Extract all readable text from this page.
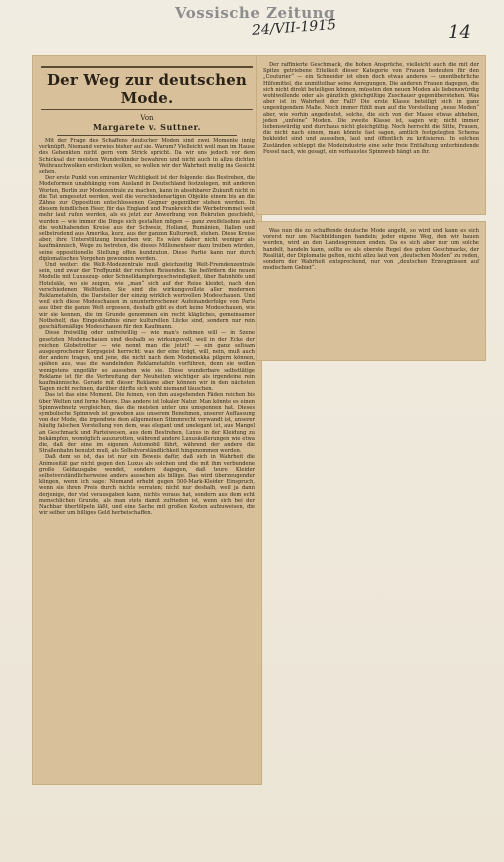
Vossische Zeitung
24/VII-1915	14
Der Weg zur deutschen Mode.
Von
Margarete v. Suttner.

Mit der Frage des Schaffens deutscher Moden sind zwei Momente innig verknüpft. Niemand verwies bisher auf sie. Warum? Vielleicht weil man im Hause des Gehenkten nicht gern vom Strick spricht. Da wir uns jedoch vor dem Schicksal der meisten Wunderkinder bewahren und nicht auch in allzu dichten Weihrauchwolken ersticken wollen, so wollen wir der Wahrheit mutig ins Gesicht sehen.

Der erste Punkt von eminenter Wichtigkeit ist der folgende: das Bestreben, die Modeformen unabhängig vom Ausland in Deutschland festzulegen, mit anderen Worten, Berlin zur Modezentrale zu machen, kann in absehbarer Zukunft nicht in die Tat umgesetzt werden, weil die verschiedenartigen Objekte einem bis an die Zähne zur Opposition entschlossenen Gegner gegenüber stehen werden. In diesem feindlichen Heer, für das England und Frankreich die Werbetrommel weit mehr laut rufen werden, als es jetzt zur Anwerbung von Rekruten geschieht, werden — wie immer die Dinge sich gestalten mögen — ganz zweifelsohne auch die wohlhabenden Kreise aus der Schweiz, Holland, Rumänien, Italien und selbstredend aus Amerika, kurz, aus der ganzen Kulturwelt, stehen. Diese Kreise aber, ihre Unterstützung brauchen wir. Es wäre daher nicht weniger als kaufmännisch, Wege zu betreten, die dieses Millionenheer dazu treiben würden, seine oppositionelle Stellung offen kundzutun. Diese Partie kann nur durch diplomatisches Vorgehen gewonnen werden.

Und weiter: die Welt-Modezentrale muß gleichzeitig Welt-Fremdenzentrale sein, und zwar der Treffpunkt der reichen Reisenden. Sie befördern die neuen Modelle mit Luxuszug- oder Schnelldampfergeschwindigkeit, über Bahnhöfe und Hotelsäle, wo sie zeigen, wie „man“ sich auf der Reise kleidet, nach den verschiedenen Weltteilen. Sie sind die wirkungsvollste aller modernen Reklametafeln, die Darsteller der einzig wirklich wertvollen Modeschauen. Und weil sich diese Modeschauen in ununterbrochener Aufeinanderfolge von Paris aus über die ganze Welt ergossen, deshalb gibt es dort keine Modeschauen, wie wir sie kennen, die im Grunde genommen ein recht klägliches, gemeinsamer Notbehelf, das Eingeständnis einer kulturellen Lücke sind, sondern nur rein geschäftsmäßige Modeschauen für den Kaufmann.

Diese freiwillig oder unfreiwillig — wie man's nehmen will — in Szene gesetzten Modenschauen sind deshalb so wirkungsvoll, weil in der Ecke der reichen Globetrotter — wie nennt man die jetzt? — ein ganz seltsam ausgesprochener Korpsgeist herrscht: was der eine trägt, will, nein, muß auch der andere tragen, und jene, die nicht nach dem Modemekka pilgern können, spähen aus, was die wandelnden Reklametafeln vorführen, denn sie wollen wenigstens ungefähr so aussehen wie sie. Diese wunderbare selbsttätige Reklame ist für die Verbreitung der Neuheiten wichtiger als irgendeine rein kaufmännische. Gerade mit dieser Reklame aber können wir in den nächsten Tagen nicht rechnen, darüber dürfte sich wohl niemand täuschen.

Das ist das eine Moment. Die feinen, von ihm ausgehenden Fäden reichen bis über Welten und ferne Meere. Das andere ist lokaler Natur. Man könnte es einen Spinnwebnetz vergleichen, das die meisten unter uns umsponnen hat. Dieses symbolische Spinnweb ist gewoben aus unserem Benehmen, unserer Auffassung von der Mode, die irgendwie dem allgemeinen Stimmrecht verwandt ist, unserer häufig falschen Vorstellung von dem, was elegant und unelegant ist, aus Mangel an Geschmack und Parteiwesen, aus dem Bestreben, Luxus in der Kleidung zu bekämpfen, womöglich auszurotten, während andere Luxusäußerungen wie etwa die, daß der eine im eigenen Automobil fährt, während der andere die Straßenbahn benutzt muß, als Selbstverständlichkeit hingenommen werden.

Daß dem so ist, das ist nur ein Beweis dafür, daß sich in Wahrheit die Animosität gar nicht gegen den Luxus als solchen und die mit ihm verbundene große Geldausgabe wendet, sondern dagegen, daß teure Kleider selbstverständlicherweise anders aussehen als billige. Das wird überzeugender klingen, wenn ich sage: Niemand erhebt gegen 500-Mark-Kleider Einspruch, wenn sie ihren Preis durch nichts verraten; nicht nur deshalb, weil ja dann derjenige, der viel verausgaben kann, nichts voraus hat, sondern aus dem echt menschlichen Grunde, als man stets damit zufrieden ist, wenn sich bei der Nachbar übertölpeln läßt, und eine Sache mit großen Kosten aufzuweisen, die wir selber um billiges Geld herbeischaffen.

Der raffinierte Geschmack, die hohen Ansprüche, vielleicht auch die mit der Spitze getriebene Eitelkeit dieser Kategorie von Frauen bedeuten für den „Couturier“ — ein Schneider ist eben doch etwas anderes — unentbehrliche Hilfsmittel, die unmittelbar seine Anregungen. Die anderen Frauen dagegen, die sich nicht direkt beteiligen können, müssten den neuen Moden als liebenswürdig wohlwollende oder als gänzlich gleichgültige Zuschauer gegenüberstehen. Was aber ist in Wahrheit der Fall? Die erste Klasse beteiligt sich in ganz ungenügendem Maße. Noch immer fühlt man auf die Vorstellung „neue Moden“ aber, wie vorhin angedeutet, solche, die sich von der Masse etwas abheben, jeden „unfeine“ Moden. Die zweite Klasse ist, sagen wir, nicht immer liebenswürdig und durchaus nicht gleichgültig. Noch herrscht die Sitte, Frauen, die nicht nach einem, man könnte fast sagen, amtlich festgelegten Schema bekleidet sind und aussehen, laut und öffentlich zu kritisieren. In solchen Zuständen schleppt die Modeindustrie eine sehr freie Entfaltung unterbindende Fessel nach, wie gesagt, ein verhaustes Spinnweb hängt an ihr.

Was nun die zu schaffende deutsche Mode angeht, so wird und kann es sich vorerst nur um Nachbildungen handeln; jeder eigene Weg, den wir bauen werden, wird an den Landesgrenzen enden. Da es sich aber nur um solche handelt, handeln kann, sollte es als oberste Regel des guten Geschmacks, der Realität, der Diplomatie gelten, nicht allzu laut von „deutschen Moden“ zu reden, sondern der Wahrheit entsprechend, nur von „deutschen Erzeugnissen auf modischem Gebiet“.
